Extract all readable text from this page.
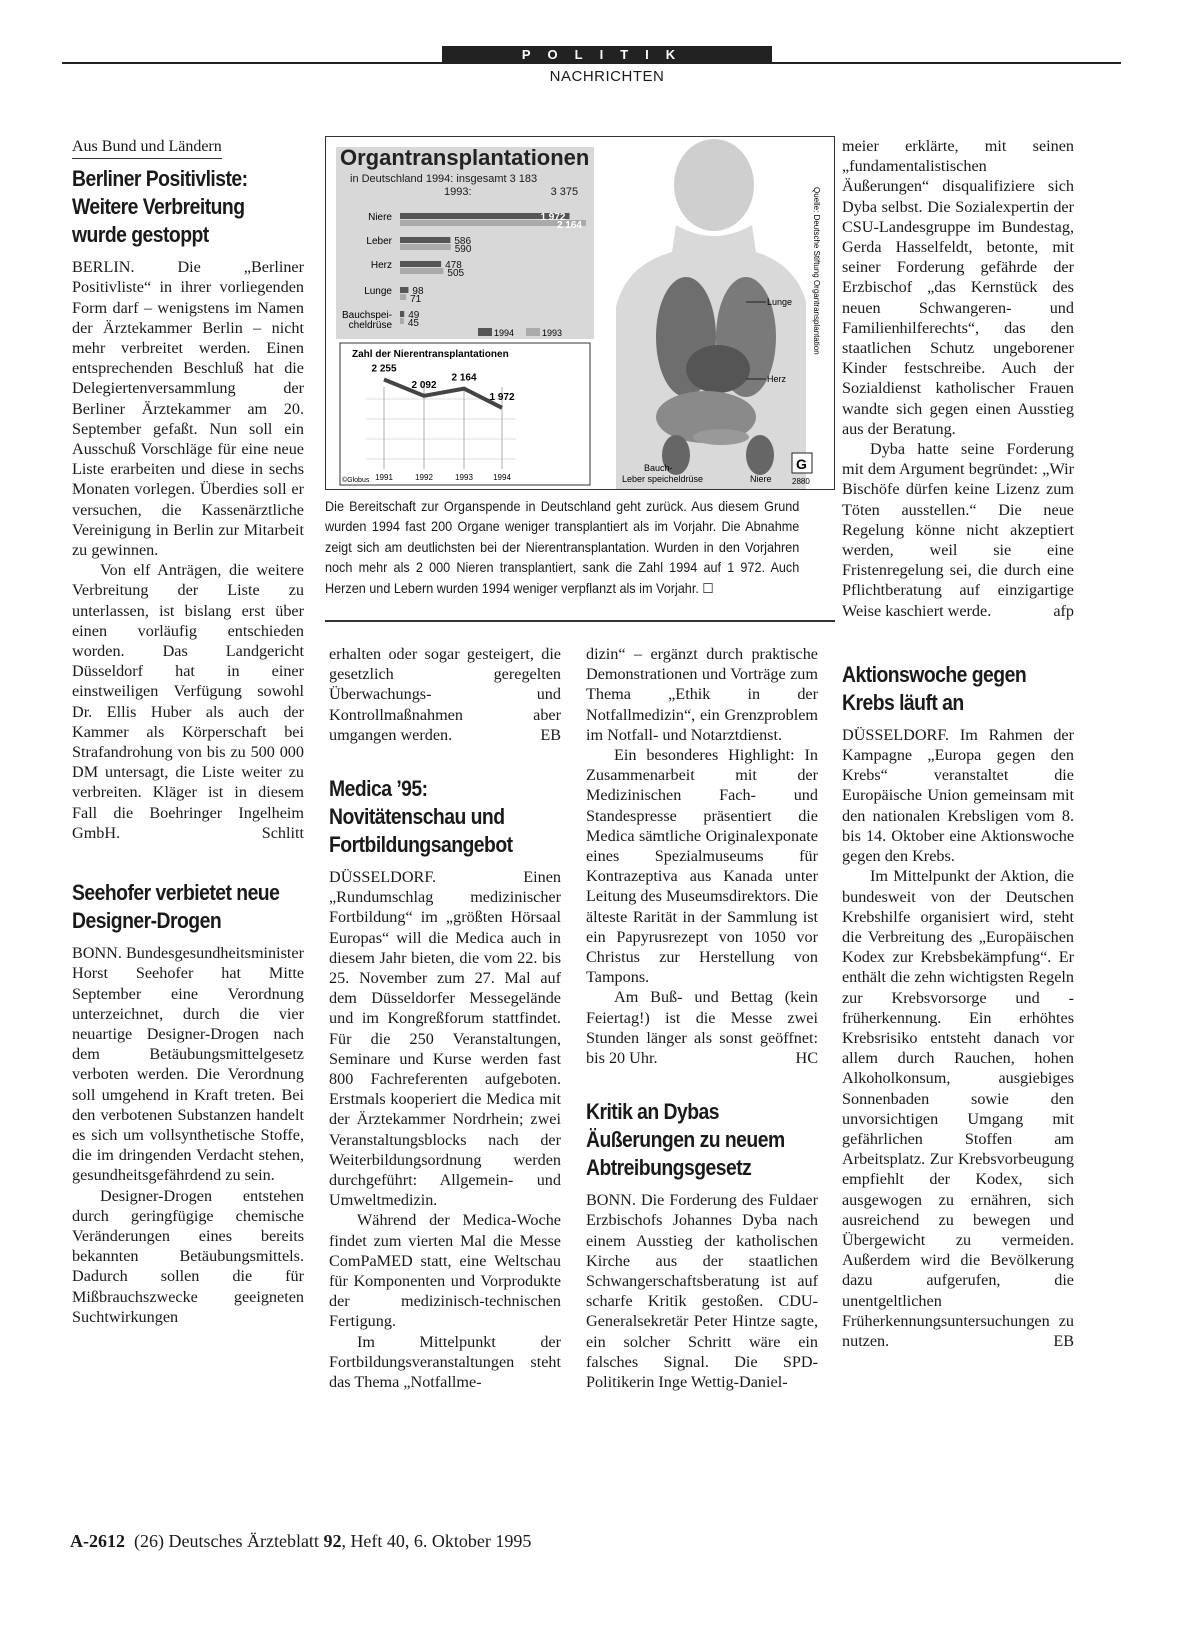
POLITIK
NACHRICHTEN
Aus Bund und Ländern
Berliner Positivliste: Weitere Verbreitung wurde gestoppt

BERLIN. Die „Berliner Positivliste“ in ihrer vorliegenden Form darf – wenigstens im Namen der Ärztekammer Berlin – nicht mehr verbreitet werden. Einen entsprechenden Beschluß hat die Delegiertenversammlung der Berliner Ärztekammer am 20. September gefaßt. Nun soll ein Ausschuß Vorschläge für eine neue Liste erarbeiten und diese in sechs Monaten vorlegen. Überdies soll er versuchen, die Kassenärztliche Vereinigung in Berlin zur Mitarbeit zu gewinnen.

Von elf Anträgen, die weitere Verbreitung der Liste zu unterlassen, ist bislang erst über einen vorläufig entschieden worden. Das Landgericht Düsseldorf hat in einer einstweiligen Verfügung sowohl Dr. Ellis Huber als auch der Kammer als Körperschaft bei Strafandrohung von bis zu 500 000 DM untersagt, die Liste weiter zu verbreiten. Kläger ist in diesem Fall die Boehringer Ingelheim GmbH.	Schlitt

Seehofer verbietet neue Designer-Drogen

BONN. Bundesgesundheitsminister Horst Seehofer hat Mitte September eine Verordnung unterzeichnet, durch die vier neuartige Designer-Drogen nach dem Betäubungsmittelgesetz verboten werden. Die Verordnung soll umgehend in Kraft treten. Bei den verbotenen Substanzen handelt es sich um vollsynthetische Stoffe, die im dringenden Verdacht stehen, gesundheitsgefährdend zu sein.

Designer-Drogen entstehen durch geringfügige chemische Veränderungen eines bereits bekannten Betäubungsmittels. Dadurch sollen die für Mißbrauchszwecke geeigneten Suchtwirkungen

Niere	1 972
2 164
Leber	586
590
Herz	478
505
Lunge 98
71
Bauchspei-
cheldrüse
49
45
Zahl der Nierentransplantationen
2 255
1991
2 092
1992
2 164
1993
1 972
1994
1994	1993
Lunge
Herz
Bauch-
Leber speicheldrüse	Niere
Quelle: Deutsche Stiftung Organtransplantation
G
2880
©Globus
Organtransplantationen
in Deutschland 1994: insgesamt 3 183
1993:	3 375
Die Bereitschaft zur Organspende in Deutschland geht zurück. Aus diesem Grund wurden 1994 fast 200 Organe weniger transplantiert als im Vorjahr. Die Abnahme zeigt sich am deutlichsten bei der Nierentransplantation. Wurden in den Vorjahren noch mehr als 2 000 Nieren transplantiert, sank die Zahl 1994 auf 1 972. Auch Herzen und Lebern wurden 1994 weniger verpflanzt als im Vorjahr. ☐

erhalten oder sogar gesteigert, die gesetzlich geregelten Überwachungs- und Kontrollmaßnahmen aber umgangen werden.	EB

Medica ’95: Novitätenschau und Fortbildungsangebot

DÜSSELDORF. Einen „Rundumschlag medizinischer Fortbildung“ im „größten Hörsaal Europas“ will die Medica auch in diesem Jahr bieten, die vom 22. bis 25. November zum 27. Mal auf dem Düsseldorfer Messegelände und im Kongreßforum stattfindet. Für die 250 Veranstaltungen, Seminare und Kurse werden fast 800 Fachreferenten aufgeboten. Erstmals kooperiert die Medica mit der Ärztekammer Nordrhein; zwei Veranstaltungsblocks nach der Weiterbildungsordnung werden durchgeführt: Allgemein- und Umweltmedizin.

Während der Medica-Woche findet zum vierten Mal die Messe ComPaMED statt, eine Weltschau für Komponenten und Vorprodukte der medizinisch-technischen Fertigung.

Im Mittelpunkt der Fortbildungsveranstaltungen steht das Thema „Notfallme-

dizin“ – ergänzt durch praktische Demonstrationen und Vorträge zum Thema „Ethik in der Notfallmedizin“, ein Grenzproblem im Notfall- und Notarztdienst.

Ein besonderes Highlight: In Zusammenarbeit mit der Medizinischen Fach- und Standespresse präsentiert die Medica sämtliche Originalexponate eines Spezialmuseums für Kontrazeptiva aus Kanada unter Leitung des Museumsdirektors. Die älteste Rarität in der Sammlung ist ein Papyrusrezept von 1050 vor Christus zur Herstellung von Tampons.

Am Buß- und Bettag (kein Feiertag!) ist die Messe zwei Stunden länger als sonst geöffnet: bis 20 Uhr.	HC

Kritik an Dybas Äußerungen zu neuem Abtreibungsgesetz

BONN. Die Forderung des Fuldaer Erzbischofs Johannes Dyba nach einem Ausstieg der katholischen Kirche aus der staatlichen Schwangerschaftsberatung ist auf scharfe Kritik gestoßen. CDU-Generalsekretär Peter Hintze sagte, ein solcher Schritt wäre ein falsches Signal. Die SPD-Politikerin Inge Wettig-Daniel-

meier erklärte, mit seinen „fundamentalistischen Äußerungen“ disqualifiziere sich Dyba selbst. Die Sozialexpertin der CSU-Landesgruppe im Bundestag, Gerda Hasselfeldt, betonte, mit seiner Forderung gefährde der Erzbischof „das Kernstück des neuen Schwangeren- und Familienhilferechts“, das den staatlichen Schutz ungeborener Kinder festschreibe. Auch der Sozialdienst katholischer Frauen wandte sich gegen einen Ausstieg aus der Beratung.

Dyba hatte seine Forderung mit dem Argument begründet: „Wir Bischöfe dürfen keine Lizenz zum Töten ausstellen.“ Die neue Regelung könne nicht akzeptiert werden, weil sie eine Fristenregelung sei, die durch eine Pflichtberatung auf einzigartige Weise kaschiert werde.	afp

Aktionswoche gegen Krebs läuft an

DÜSSELDORF. Im Rahmen der Kampagne „Europa gegen den Krebs“ veranstaltet die Europäische Union gemeinsam mit den nationalen Krebsligen vom 8. bis 14. Oktober eine Aktionswoche gegen den Krebs.

Im Mittelpunkt der Aktion, die bundesweit von der Deutschen Krebshilfe organisiert wird, steht die Verbreitung des „Europäischen Kodex zur Krebsbekämpfung“. Er enthält die zehn wichtigsten Regeln zur Krebsvorsorge und -früherkennung. Ein erhöhtes Krebsrisiko entsteht danach vor allem durch Rauchen, hohen Alkoholkonsum, ausgiebiges Sonnenbaden sowie den unvorsichtigen Umgang mit gefährlichen Stoffen am Arbeitsplatz. Zur Krebsvorbeugung empfiehlt der Kodex, sich ausgewogen zu ernähren, sich ausreichend zu bewegen und Übergewicht zu vermeiden. Außerdem wird die Bevölkerung dazu aufgerufen, die unentgeltlichen Früherkennungsuntersuchungen zu nutzen.	EB

A-2612 (26) Deutsches Ärzteblatt 92, Heft 40, 6. Oktober 1995
